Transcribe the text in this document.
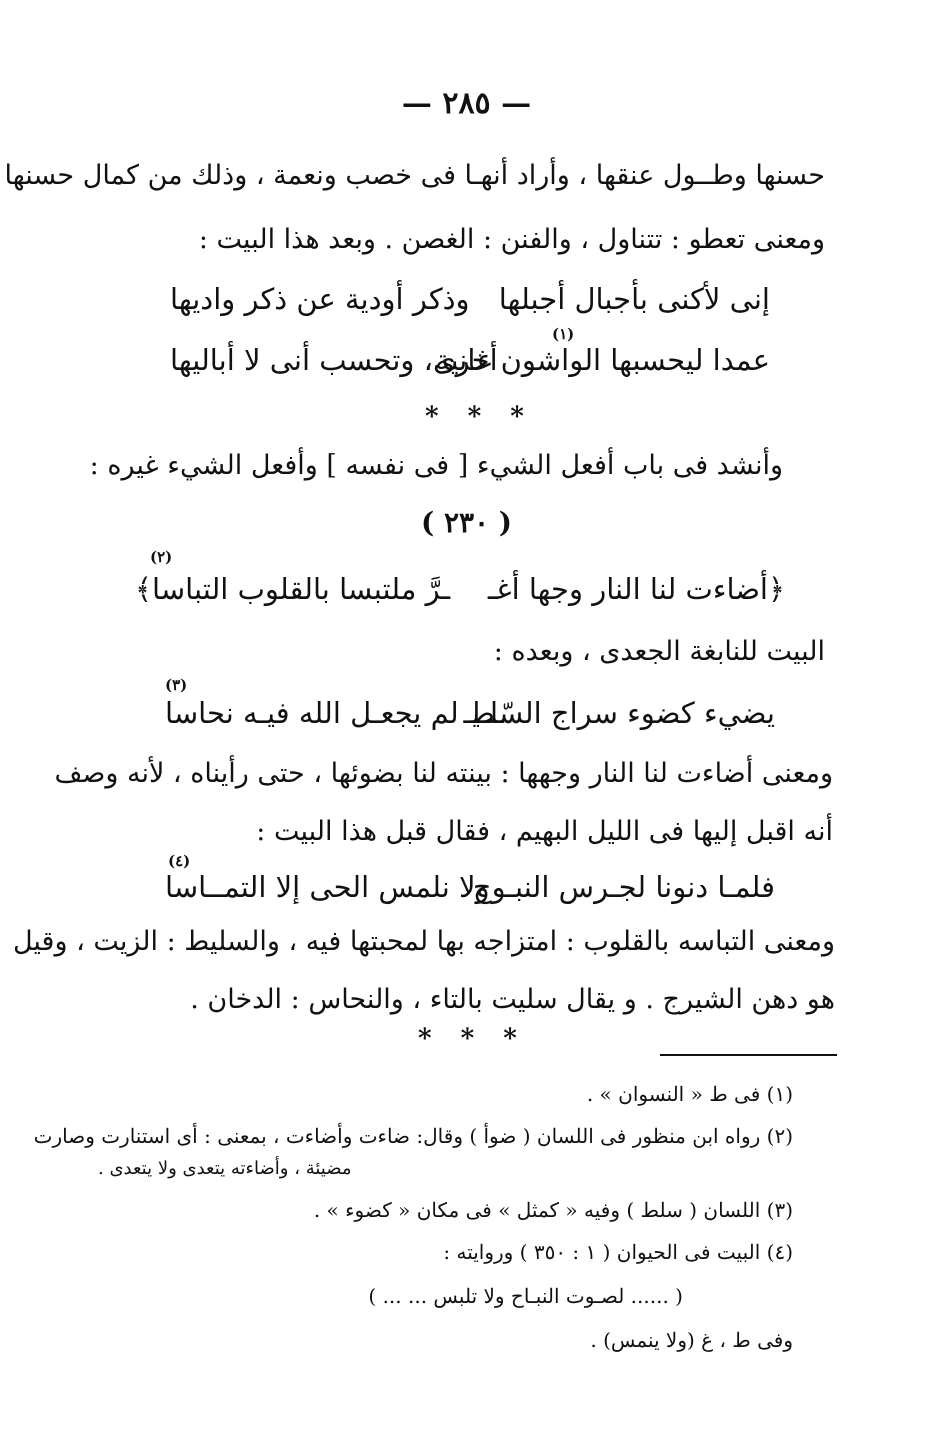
— ٢٨٥ —
حسنها وطــول عنقها ، وأراد أنهـا فى خصب ونعمة ، وذلك من كمال حسنها
ومعنى تعطو : تتناول ، والفنن : الغصن . وبعد هذا البيت :
إنى لأكنى بأجبال أجبلها
وذكر أودية عن ذكر واديها
(١)
عمدا ليحسبها الواشون غانية
أخرى، وتحسب أنى لا أباليها
* * *
وأنشد فى باب أفعل الشيء [ فى نفسه ] وأفعل الشيء غيره :
( ٢٣٠ )
(٢)
﴿أضاءت لنا النار وجها أغـ
ـرَّ ملتبسا بالقلوب التباسا﴾
البيت للنابغة الجعدى ، وبعده :
(٣)
يضيء كضوء سراج السّلـيـ
ـط لم يجعـل الله فيـه نحاسا
ومعنى أضاءت لنا النار وجهها : بينته لنا بضوئها ، حتى رأيناه ، لأنه وصف
أنه اقبل إليها فى الليل البهيم ، فقال قبل هذا البيت :
(٤)
فلمـا دنونا لجـرس النبـوح
ولا نلمس الحى إلا التمــاسا
ومعنى التباسه بالقلوب : امتزاجه بها لمحبتها فيه ، والسليط : الزيت ، وقيل
هو دهن الشيرج . و يقال سليت بالتاء ، والنحاس : الدخان .
* * *
(١) فى ط « النسوان » .
(٢) رواه ابن منظور فى اللسان ( ضوأ ) وقال: ضاءت وأضاءت ، بمعنى : أى استنارت وصارت
مضيئة ، وأضاءته يتعدى ولا يتعدى .
(٣) اللسان ( سلط ) وفيه « كمثل » فى مكان « كضوء » .
(٤) البيت فى الحيوان ( ١ : ٣٥٠ ) وروايته :
( ...... لصـوت النبـاح ولا تلبس ... ... )
وفى ط ، غ (ولا ينمس) .
